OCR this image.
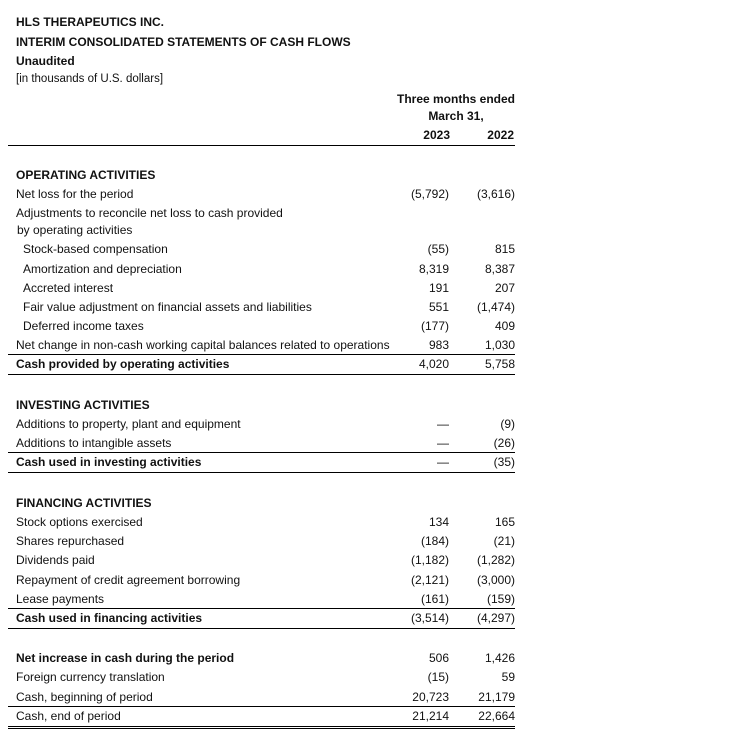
HLS THERAPEUTICS INC.
INTERIM CONSOLIDATED STATEMENTS OF CASH FLOWS
Unaudited
[in thousands of U.S. dollars]
Three months ended
March 31,
2023	2022
OPERATING ACTIVITIES
Net loss for the period	(5,792) (3,616)
Adjustments to reconcile net loss to cash provided
by operating activities
Stock-based compensation	(55)	815
Amortization and depreciation	8,319	8,387
Accreted interest	191	207
Fair value adjustment on financial assets and liabilities	551 (1,474)
Deferred income taxes	(177)	409
Net change in non-cash working capital balances related to operations	983	1,030
Cash provided by operating activities	4,020	5,758
INVESTING ACTIVITIES
Additions to property, plant and equipment	—	(9)
Additions to intangible assets	—	(26)
Cash used in investing activities	—	(35)
FINANCING ACTIVITIES
Stock options exercised	134	165
Shares repurchased	(184)	(21)
Dividends paid	(1,182) (1,282)
Repayment of credit agreement borrowing	(2,121) (3,000)
Lease payments	(161)	(159)
Cash used in financing activities	(3,514) (4,297)
Net increase in cash during the period	506	1,426
Foreign currency translation	(15)	59
Cash, beginning of period	20,723 21,179
Cash, end of period	21,214 22,664
